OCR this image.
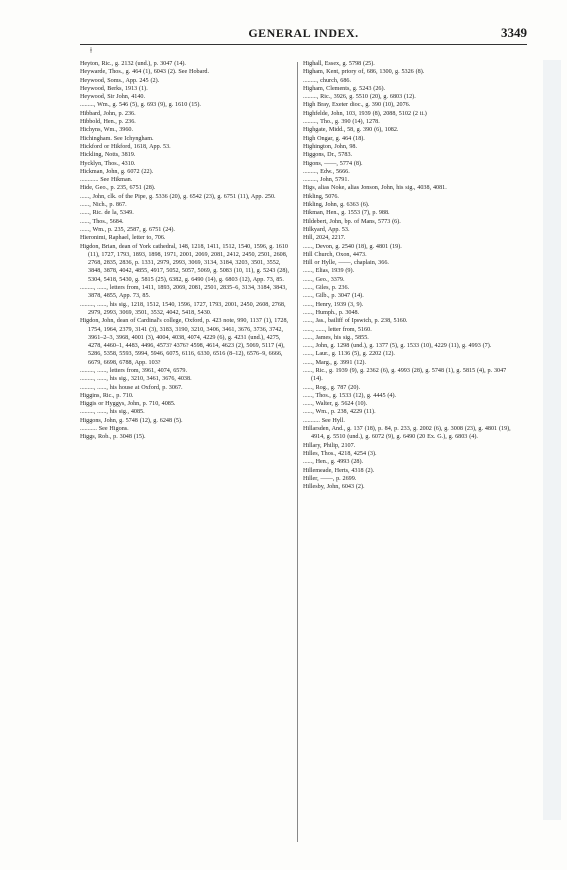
GENERAL INDEX.	3349
ǂ

Heyton, Ric., g. 2132 (und.), p. 3047 (14).

Heywarde, Thos., g. 464 (1), 6043 (2). See Hobard.

Heywood, Soms., App. 245 (2).

Heywood, Berks, 1913 (1).

Heywood, Sir John, 4140.

........., Wm., g. 546 (5), g. 693 (9), g. 1610 (15).

Hibbard, John, p. 236.

Hibbold, Hen., p. 236.

Hichyns, Wm., 3960.

Hichingham. See Ichyngham.

Hickford or Hikford, 1618, App. 53.

Hickling, Notts, 3819.

Hycklyn, Thos., 4310.

Hickman, John, g. 6072 (22).

............ See Hikman.

Hide, Geo., p. 235, 6751 (28).

......, John, clk. of the Pipe, g. 5336 (20), g. 6542 (23), g. 6751 (11), App. 250.

......, Nich., p. 867.

......, Ric. de la, 5349.

......, Thos., 5684.

......, Wm., p. 235, 2587, g. 6751 (24).

Hieronimi, Raphael, letter to, 706.

Higdon, Brian, dean of York cathedral, 148, 1218, 1411, 1512, 1540, 1596, g. 1610 (11), 1727, 1793, 1893, 1898, 1971, 2001, 2069, 2081, 2412, 2450, 2501, 2608, 2768, 2835, 2836, p. 1331, 2979, 2993, 3069, 3134, 3184, 3203, 3501, 3552, 3848, 3878, 4042, 4855, 4917, 5052, 5057, 5069, g. 5083 (10, 11), g. 5243 (28), 5304, 5418, 5430, g. 5815 (25), 6382, g. 6490 (14), g. 6803 (12), App. 73, 85.

........., ......, letters from, 1411, 1893, 2069, 2081, 2501, 2835–6, 3134, 3184, 3843, 3878, 4855, App. 73, 85.

........., ......, his sig., 1218, 1512, 1540, 1596, 1727, 1793, 2001, 2450, 2608, 2768, 2979, 2993, 3069, 3501, 3532, 4042, 5418, 5430.

Higdon, John, dean of Cardinal's college, Oxford, p. 423 note, 990, 1137 (1), 1728, 1754, 1964, 2379, 3141 (3), 3183, 3190, 3210, 3406, 3461, 3676, 3736, 3742, 3961–2–3, 3968, 4001 (3), 4004, 4038, 4074, 4229 (6), g. 4231 (und.), 4275, 4278, 4460–1, 4483, 4496, 4573? 4376? 4598, 4614, 4623 (2), 5069, 5117 (4), 5286, 5358, 5593, 5994, 5946, 6075, 6116, 6330, 6516 (8–12), 6576–9, 6666, 6679, 6698, 6788, App. 103?

........., ......, letters from, 3961, 4074, 6579.

........., ......, his sig., 3210, 3461, 3676, 4038.

........., ......, his house at Oxford, p. 3067.

Higgins, Ric., p. 710.

Higgis or Hyggys, John, p. 710, 4085.

........., ......, his sig., 4085.

Higgons, John, g. 5748 (12), g. 6248 (5).

........... See Higons.

Higgs, Rob., p. 3048 (15).

Highall, Essex, g. 5798 (25).

Higham, Kent, priory of, 686, 1300, g. 5326 (8).

........., church, 686.

Higham, Clements, g. 5243 (26).

........., Ric., 3926, g. 5510 (20), g. 6803 (12).

High Bray, Exeter dioc., g. 390 (10), 2076.

Highfelde, John, 103, 1939 (8), 2088, 5102 (2 ii.)

........., Tho., g. 390 (14), 1278.

Highgate, Midd., 58, g. 390 (6), 1082.

High Ongar, g. 464 (18).

Highington, John, 98.

Higgons, Dr., 5783.

Higons, ——, 5774 (8).

........., Edw., 5666.

........., John, 5791.

Higs, alias Noke, alias Jonson, John, his sig., 4038, 4081.

Hikling, 5076.

Hikling, John, g. 6363 (6).

Hikman, Hen., g. 1553 (7), p. 988.

Hildebert, John, bp. of Mans, 5773 (6).

Hilkyard, App. 53.

Hill, 2024, 2217.

......, Devon, g. 2540 (18), g. 4801 (19).

Hill Church, Oxon, 4473.

Hill or Hylle, ——, chaplain, 366.

......, Elias, 1939 (9).

......, Geo., 3379.

......, Giles, p. 236.

......, Gilb., p. 3047 (14).

......, Henry, 1939 (3, 9).

......, Humph., p. 3048.

......, Jas., bailiff of Ipswich, p. 238, 5160.

......, ......, letter from, 5160.

......, James, his sig., 5855.

......, John, g. 1298 (und.), g. 1377 (5), g. 1533 (10), 4229 (11), g. 4993 (7).

......, Laur., g. 1136 (5), g. 2202 (12).

......, Marg., g. 3991 (12).

......, Ric., g. 1939 (9), g. 2362 (6), g. 4993 (28), g. 5748 (1), g. 5815 (4), p. 3047 (14).

......, Rog., g. 787 (20).

......, Thos., g. 1533 (12), g. 4445 (4).

......, Walter, g. 5624 (10).

......, Wm., p. 238, 4229 (11).

........... See Hyll.

Hillarsden, And., g. 137 (18), p. 84, p. 233, g. 2002 (6), g. 3008 (23), g. 4801 (19), 4914, g. 5510 (und.), g. 6072 (9), g. 6490 (20 Ex. G.), g. 6803 (4).

Hillary, Philip, 2107.

Hilles, Thos., 4218, 4254 (3).

......, Hen., g. 4993 (28).

Hillemeade, Herts, 4318 (2).

Hiller, ——, p. 2699.

Hillesby, John, 6043 (2).
